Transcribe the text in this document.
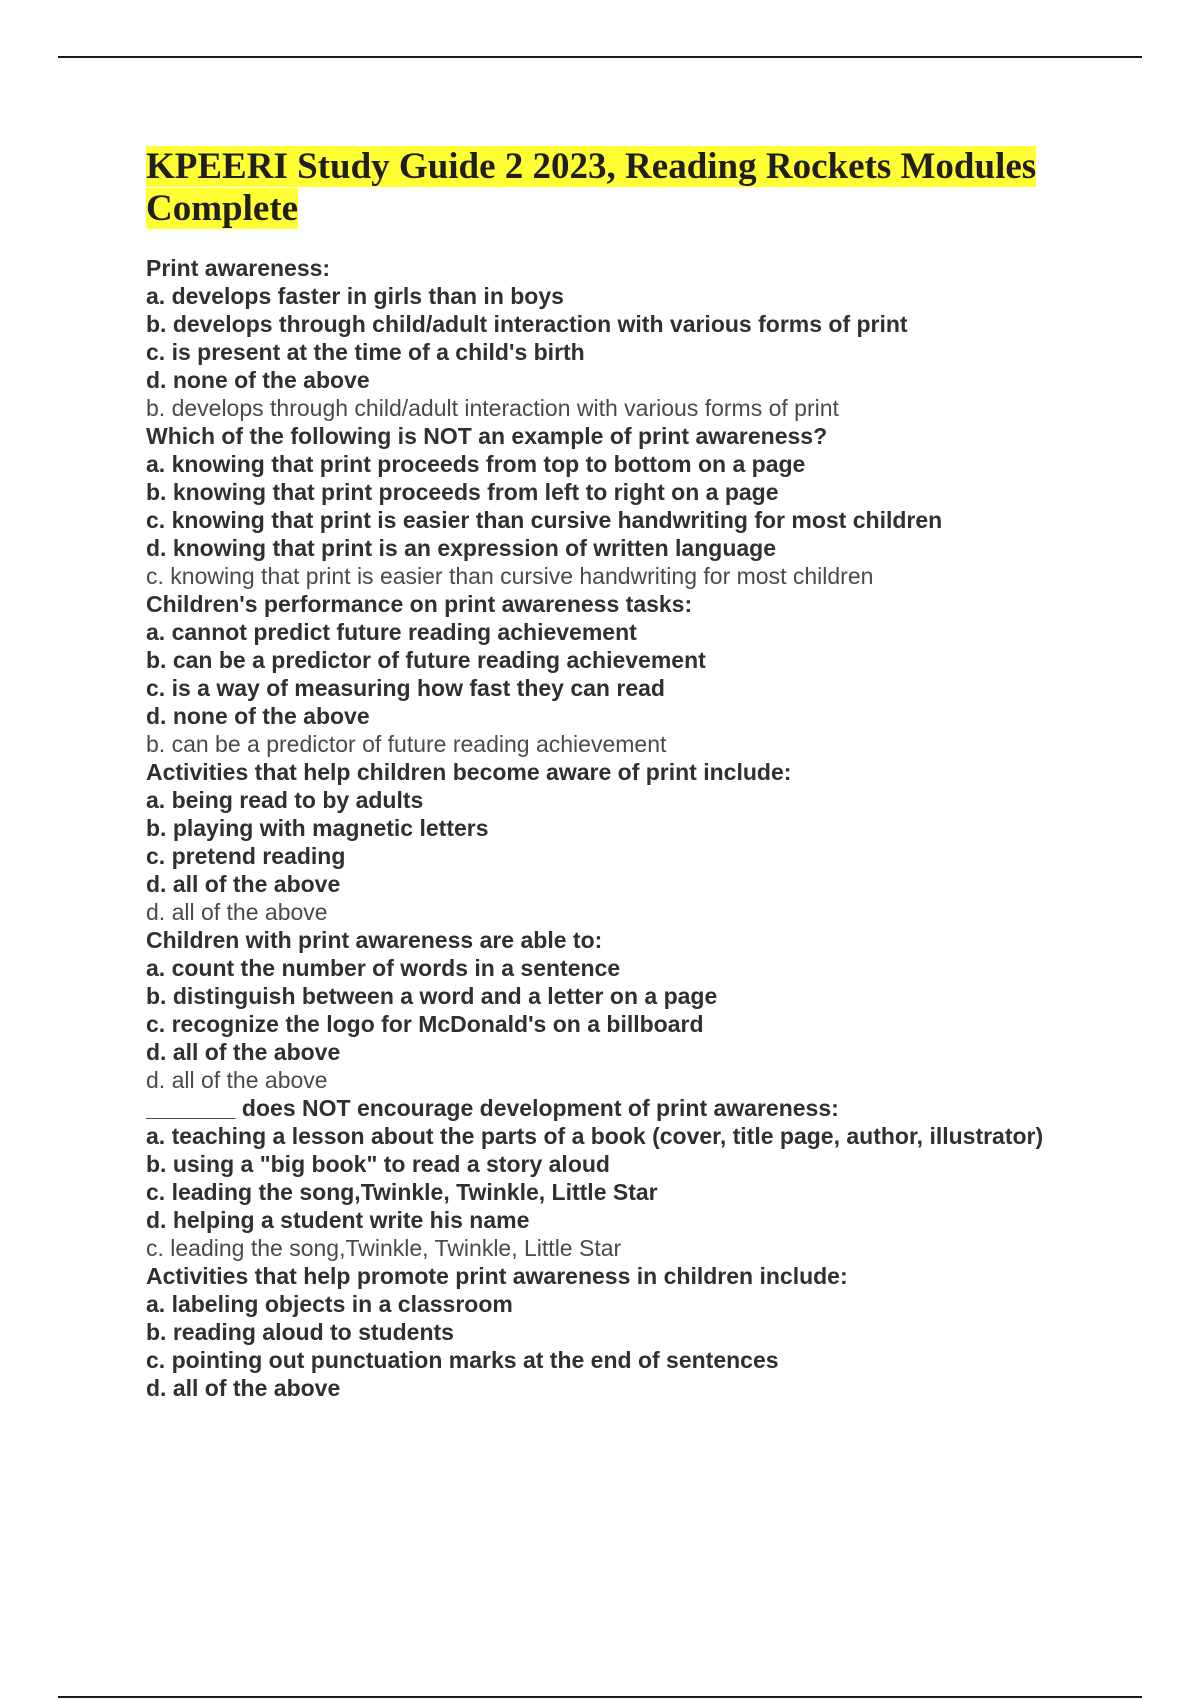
KPEERI Study Guide 2 2023, Reading Rockets Modules Complete
Print awareness:
a. develops faster in girls than in boys
b. develops through child/adult interaction with various forms of print
c. is present at the time of a child's birth
d. none of the above
b. develops through child/adult interaction with various forms of print
Which of the following is NOT an example of print awareness?
a. knowing that print proceeds from top to bottom on a page
b. knowing that print proceeds from left to right on a page
c. knowing that print is easier than cursive handwriting for most children
d. knowing that print is an expression of written language
c. knowing that print is easier than cursive handwriting for most children
Children's performance on print awareness tasks:
a. cannot predict future reading achievement
b. can be a predictor of future reading achievement
c. is a way of measuring how fast they can read
d. none of the above
b. can be a predictor of future reading achievement
Activities that help children become aware of print include:
a. being read to by adults
b. playing with magnetic letters
c. pretend reading
d. all of the above
d. all of the above
Children with print awareness are able to:
a. count the number of words in a sentence
b. distinguish between a word and a letter on a page
c. recognize the logo for McDonald's on a billboard
d. all of the above
d. all of the above
_______ does NOT encourage development of print awareness:
a. teaching a lesson about the parts of a book (cover, title page, author, illustrator)
b. using a "big book" to read a story aloud
c. leading the song,Twinkle, Twinkle, Little Star
d. helping a student write his name
c. leading the song,Twinkle, Twinkle, Little Star
Activities that help promote print awareness in children include:
a. labeling objects in a classroom
b. reading aloud to students
c. pointing out punctuation marks at the end of sentences
d. all of the above
